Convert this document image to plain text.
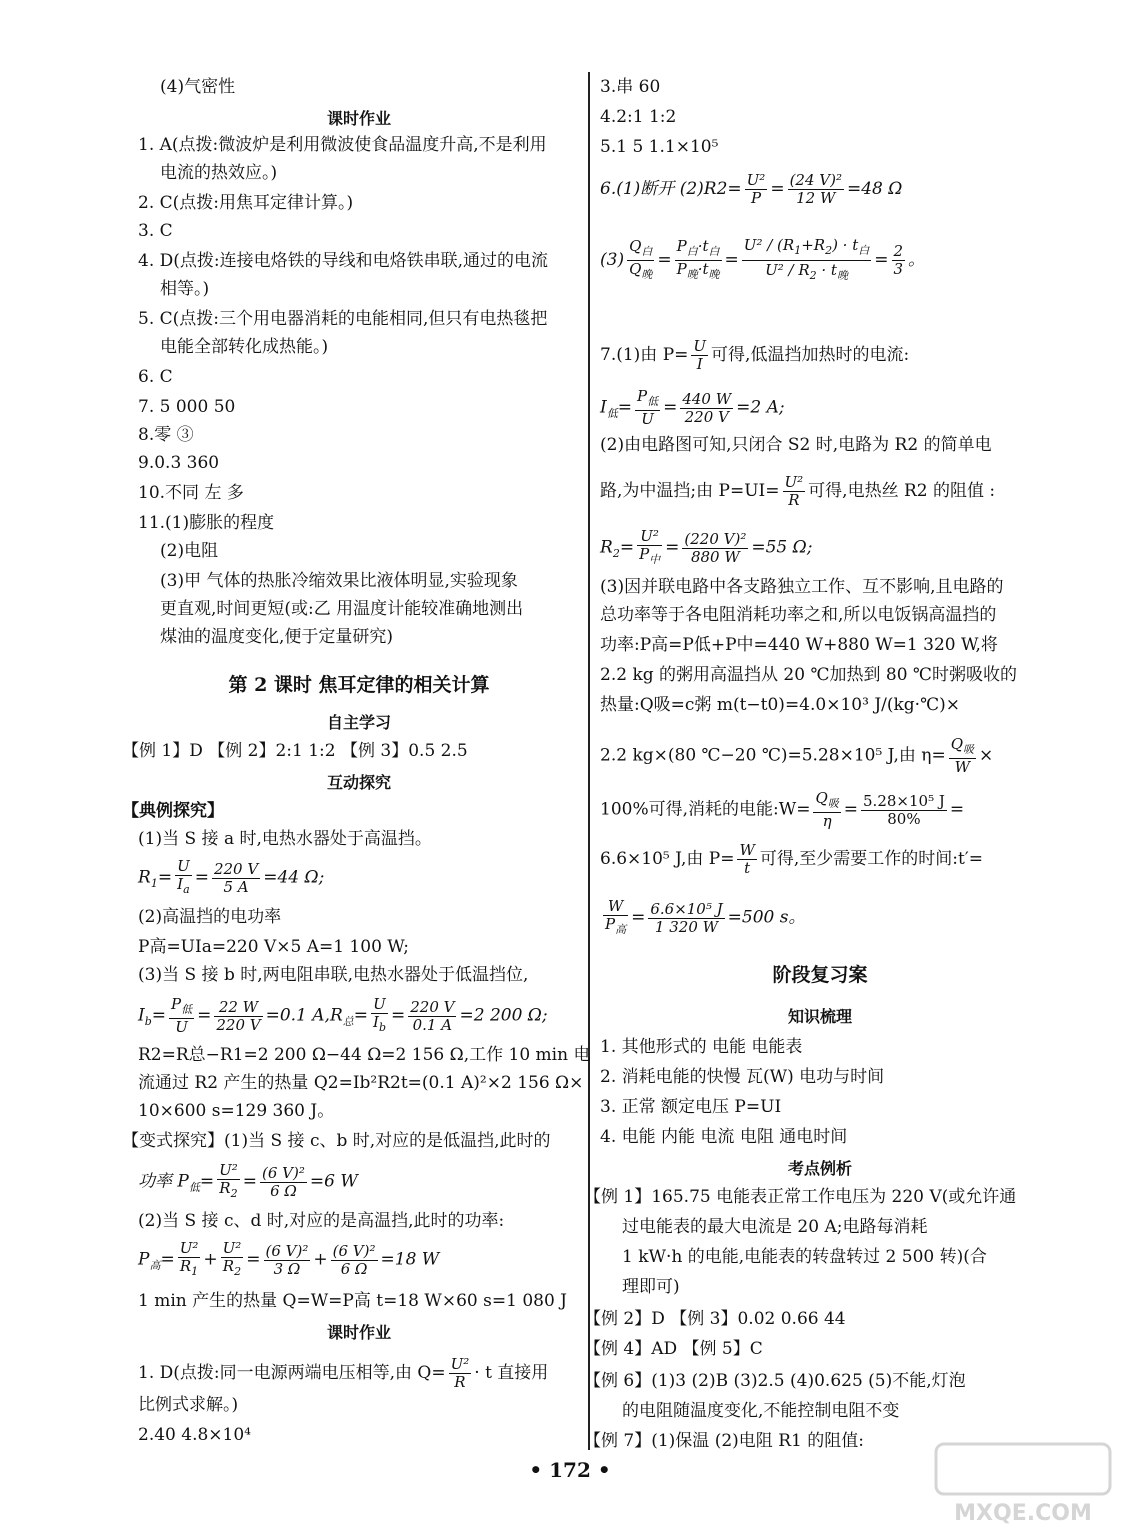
(4)气密性
课时作业
1. A(点拨:微波炉是利用微波使食品温度升高,不是利用
电流的热效应。)
2. C(点拨:用焦耳定律计算。)
3. C
4. D(点拨:连接电烙铁的导线和电烙铁串联,通过的电流
相等。)
5. C(点拨:三个用电器消耗的电能相同,但只有电热毯把
电能全部转化成热能。)
6. C
7. 5 000 50
8.零 ③
9.0.3 360
10.不同 左 多
11.(1)膨胀的程度
(2)电阻
(3)甲 气体的热胀冷缩效果比液体明显,实验现象
更直观,时间更短(或:乙 用温度计能较准确地测出
煤油的温度变化,便于定量研究)
第 2 课时 焦耳定律的相关计算
自主学习
【例 1】D 【例 2】2:1 1:2 【例 3】0.5 2.5
互动探究
【典例探究】
(1)当 S 接 a 时,电热水器处于高温挡。
$R_1= \frac{U}{I_a} = \frac{220 V}{5 A} =44$ Ω;
(2)高温挡的电功率
P高=UIa=220 V×5 A=1 100 W;
(3)当 S 接 b 时,两电阻串联,电热水器处于低温挡位,
$I_b= \frac{P_低}{U} = \frac{22 W}{220 V} =0.1$ $A,R_总= \frac{U}{I_b} = \frac{220 V}{0.1 A} =2$ 200 Ω;
R2=R总−R1=2 200 Ω−44 Ω=2 156 Ω,工作 10 min 电
流通过 R2 产生的热量 Q2=Ib²R2t=(0.1 A)²×2 156 Ω×
10×600 s=129 360 J。
【变式探究】(1)当 S 接 c、b 时,对应的是低温挡,此时的
功率 $P_低= \frac{\text{U²}}{R_2} = \frac{\text{(6 V)²}}{6 \Omega} =6$ W
(2)当 S 接 c、d 时,对应的是高温挡,此时的功率:
$P_高= \frac{\text{U²}}{R_1} + \frac{\text{U²}}{R_2} = \frac{\text{(6 V)²}}{3 \Omega} + \frac{\text{(6 V)²}}{6 \Omega} =18$ W
1 min 产生的热量 Q=W=P高 t=18 W×60 s=1 080 J
课时作业
1. D(点拨:同一电源两端电压相等,由 $Q= \frac{\text{U²}}{R} \cdot t$ 直接用
比例式求解。)
2.40 4.8×10⁴
3.串 60
4.2:1 1:2
5.1 5 1.1×10⁵
6.(1)断开 $(2)R2= \frac{\text{U²}}{P} = \frac{\text{(24 V)²}}{12 W} =48$ Ω
$(3) \frac{Q_白}{Q_晚} = \frac{P_白\cdot t_白}{P_晚\cdot t_晚} = \frac{U^2 / (R_1+R_2) \cdot t_白}{U^2 / R_2 \cdot t_晚} = \frac{2}{3}$ 。
7.(1)由 $P= \frac{U}{I}$ 可得,低温挡加热时的电流:
$I_低= \frac{P_低}{U} = \frac{440 W}{220 V} =2$ A;
(2)由电路图可知,只闭合 S2 时,电路为 R2 的简单电
路,为中温挡;由 $P=UI= \frac{\text{U²}}{R}$ 可得,电热丝 R2 的阻值 :
$R_2= \frac{\text{U²}}{P_中} = \frac{\text{(220 V)²}}{880 W} =55$ Ω;
(3)因并联电路中各支路独立工作、互不影响,且电路的
总功率等于各电阻消耗功率之和,所以电饭锅高温挡的
功率:P高=P低+P中=440 W+880 W=1 320 W,将
2.2 kg 的粥用高温挡从 20 ℃加热到 80 ℃时粥吸收的
热量:Q吸=c粥 m(t−t0)=4.0×10³ J/(kg·℃)×
2.2 kg×(80 ℃−20 ℃)=5.28×10⁵ J,由 $\eta= \frac{Q_吸}{W}$ ×
100%可得,消耗的电能:W= $\frac{Q_吸}{\eta} = \frac{\text{5.28×10⁵ J}}{80\%}$ =
6.6×10⁵ J,由 $P= \frac{W}{t}$ 可得,至少需要工作的时间:t′=
$\frac{W}{P_高} = \frac{\text{6.6×10⁵ J}}{1 320 W} =500$ s。
阶段复习案
知识梳理
1. 其他形式的 电能 电能表
2. 消耗电能的快慢 瓦(W) 电功与时间
3. 正常 额定电压 P=UI
4. 电能 内能 电流 电阻 通电时间
考点例析
【例 1】165.75 电能表正常工作电压为 220 V(或允许通
过电能表的最大电流是 20 A;电路每消耗
1 kW·h 的电能,电能表的转盘转过 2 500 转)(合
理即可)
【例 2】D 【例 3】0.02 0.66 44
【例 4】AD 【例 5】C
【例 6】(1)3 (2)B (3)2.5 (4)0.625 (5)不能,灯泡
的电阻随温度变化,不能控制电阻不变
【例 7】(1)保温 (2)电阻 R1 的阻值:
• 172 •
MXQE.COM
